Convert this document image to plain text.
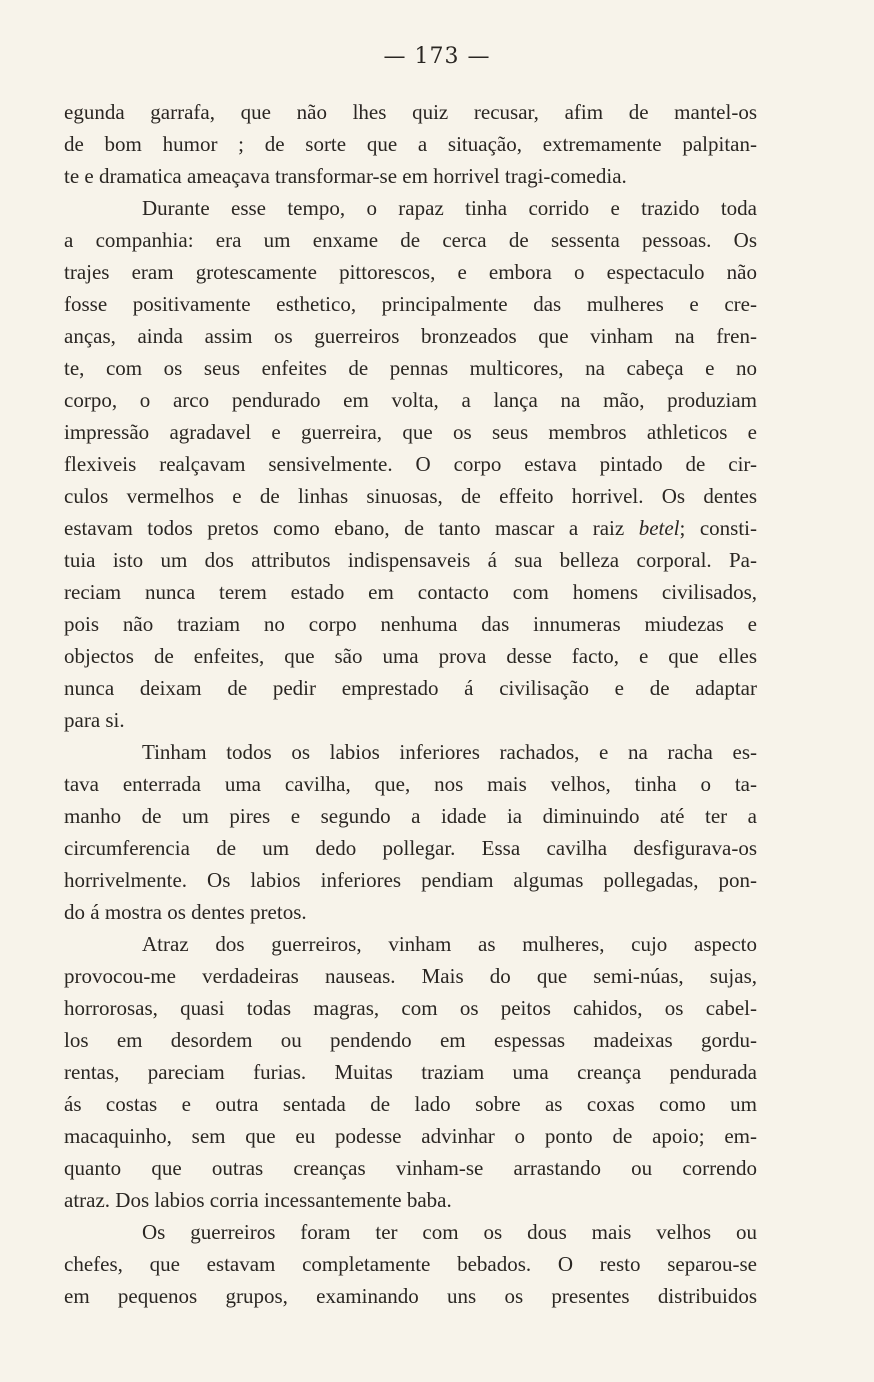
— 173 —
egunda garrafa, que não lhes quiz recusar, afim de mantel-os
de bom humor ; de sorte que a situação, extremamente palpitan-
te e dramatica ameaçava transformar-se em horrivel tragi-comedia.
Durante esse tempo, o rapaz tinha corrido e trazido toda
a companhia: era um enxame de cerca de sessenta pessoas. Os
trajes eram grotescamente pittorescos, e embora o espectaculo não
fosse positivamente esthetico, principalmente das mulheres e cre-
anças, ainda assim os guerreiros bronzeados que vinham na fren-
te, com os seus enfeites de pennas multicores, na cabeça e no
corpo, o arco pendurado em volta, a lança na mão, produziam
impressão agradavel e guerreira, que os seus membros athleticos e
flexiveis realçavam sensivelmente. O corpo estava pintado de cir-
culos vermelhos e de linhas sinuosas, de effeito horrivel. Os dentes
estavam todos pretos como ebano, de tanto mascar a raiz betel; consti-
tuia isto um dos attributos indispensaveis á sua belleza corporal. Pa-
reciam nunca terem estado em contacto com homens civilisados,
pois não traziam no corpo nenhuma das innumeras miudezas e
objectos de enfeites, que são uma prova desse facto, e que elles
nunca deixam de pedir emprestado á civilisação e de adaptar
para si.
Tinham todos os labios inferiores rachados, e na racha es-
tava enterrada uma cavilha, que, nos mais velhos, tinha o ta-
manho de um pires e segundo a idade ia diminuindo até ter a
circumferencia de um dedo pollegar. Essa cavilha desfigurava-os
horrivelmente. Os labios inferiores pendiam algumas pollegadas, pon-
do á mostra os dentes pretos.
Atraz dos guerreiros, vinham as mulheres, cujo aspecto
provocou-me verdadeiras nauseas. Mais do que semi-núas, sujas,
horrorosas, quasi todas magras, com os peitos cahidos, os cabel-
los em desordem ou pendendo em espessas madeixas gordu-
rentas, pareciam furias. Muitas traziam uma creança pendurada
ás costas e outra sentada de lado sobre as coxas como um
macaquinho, sem que eu podesse advinhar o ponto de apoio; em-
quanto que outras creanças vinham-se arrastando ou correndo
atraz. Dos labios corria incessantemente baba.
Os guerreiros foram ter com os dous mais velhos ou
chefes, que estavam completamente bebados. O resto separou-se
em pequenos grupos, examinando uns os presentes distribuidos
